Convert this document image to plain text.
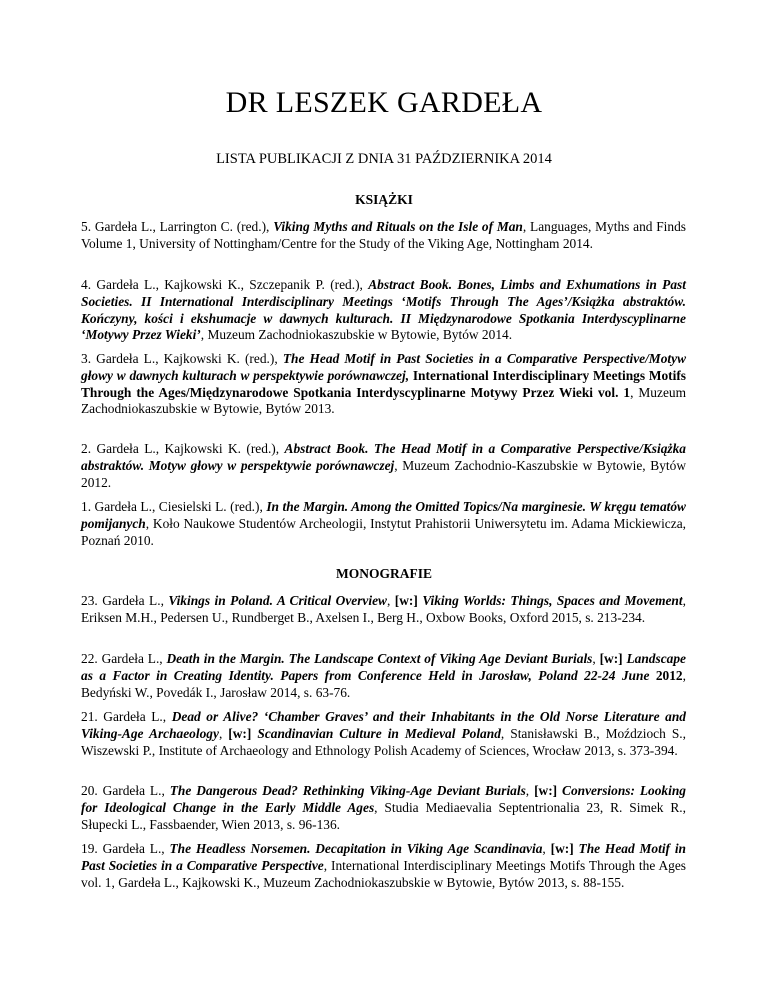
DR LESZEK GARDEŁA

LISTA PUBLIKACJI Z DNIA 31 PAŹDZIERNIKA 2014

KSIĄŻKI

5. Gardeła L., Larrington C. (red.), Viking Myths and Rituals on the Isle of Man, Languages, Myths and Finds Volume 1, University of Nottingham/Centre for the Study of the Viking Age, Nottingham 2014.

4. Gardeła L., Kajkowski K., Szczepanik P. (red.), Abstract Book. Bones, Limbs and Exhumations in Past Societies. II International Interdisciplinary Meetings ‘Motifs Through The Ages’/Książka abstraktów. Kończyny, kości i ekshumacje w dawnych kulturach. II Międzynarodowe Spotkania Interdyscyplinarne ‘Motywy Przez Wieki’, Muzeum Zachodniokaszubskie w Bytowie, Bytów 2014.

3. Gardeła L., Kajkowski K. (red.), The Head Motif in Past Societies in a Comparative Perspective/Motyw głowy w dawnych kulturach w perspektywie porównawczej, International Interdisciplinary Meetings Motifs Through the Ages/Międzynarodowe Spotkania Interdyscyplinarne Motywy Przez Wieki vol. 1, Muzeum Zachodniokaszubskie w Bytowie, Bytów 2013.

2. Gardeła L., Kajkowski K. (red.), Abstract Book. The Head Motif in a Comparative Perspective/Książka abstraktów. Motyw głowy w perspektywie porównawczej, Muzeum Zachodnio-Kaszubskie w Bytowie, Bytów 2012.

1. Gardeła L., Ciesielski L. (red.), In the Margin. Among the Omitted Topics/Na marginesie. W kręgu tematów pomijanych, Koło Naukowe Studentów Archeologii, Instytut Prahistorii Uniwersytetu im. Adama Mickiewicza, Poznań 2010.

MONOGRAFIE

23. Gardeła L., Vikings in Poland. A Critical Overview, [w:] Viking Worlds: Things, Spaces and Movement, Eriksen M.H., Pedersen U., Rundberget B., Axelsen I., Berg H., Oxbow Books, Oxford 2015, s. 213-234.

22. Gardeła L., Death in the Margin. The Landscape Context of Viking Age Deviant Burials, [w:] Landscape as a Factor in Creating Identity. Papers from Conference Held in Jarosław, Poland 22-24 June 2012, Bedyński W., Povedák I., Jarosław 2014, s. 63-76.

21. Gardeła L., Dead or Alive? ‘Chamber Graves’ and their Inhabitants in the Old Norse Literature and Viking-Age Archaeology, [w:] Scandinavian Culture in Medieval Poland, Stanisławski B., Moździoch S., Wiszewski P., Institute of Archaeology and Ethnology Polish Academy of Sciences, Wrocław 2013, s. 373-394.

20. Gardeła L., The Dangerous Dead? Rethinking Viking-Age Deviant Burials, [w:] Conversions: Looking for Ideological Change in the Early Middle Ages, Studia Mediaevalia Septentrionalia 23, R. Simek R., Słupecki L., Fassbaender, Wien 2013, s. 96-136.

19. Gardeła L., The Headless Norsemen. Decapitation in Viking Age Scandinavia, [w:] The Head Motif in Past Societies in a Comparative Perspective, International Interdisciplinary Meetings Motifs Through the Ages vol. 1, Gardeła L., Kajkowski K., Muzeum Zachodniokaszubskie w Bytowie, Bytów 2013, s. 88-155.
